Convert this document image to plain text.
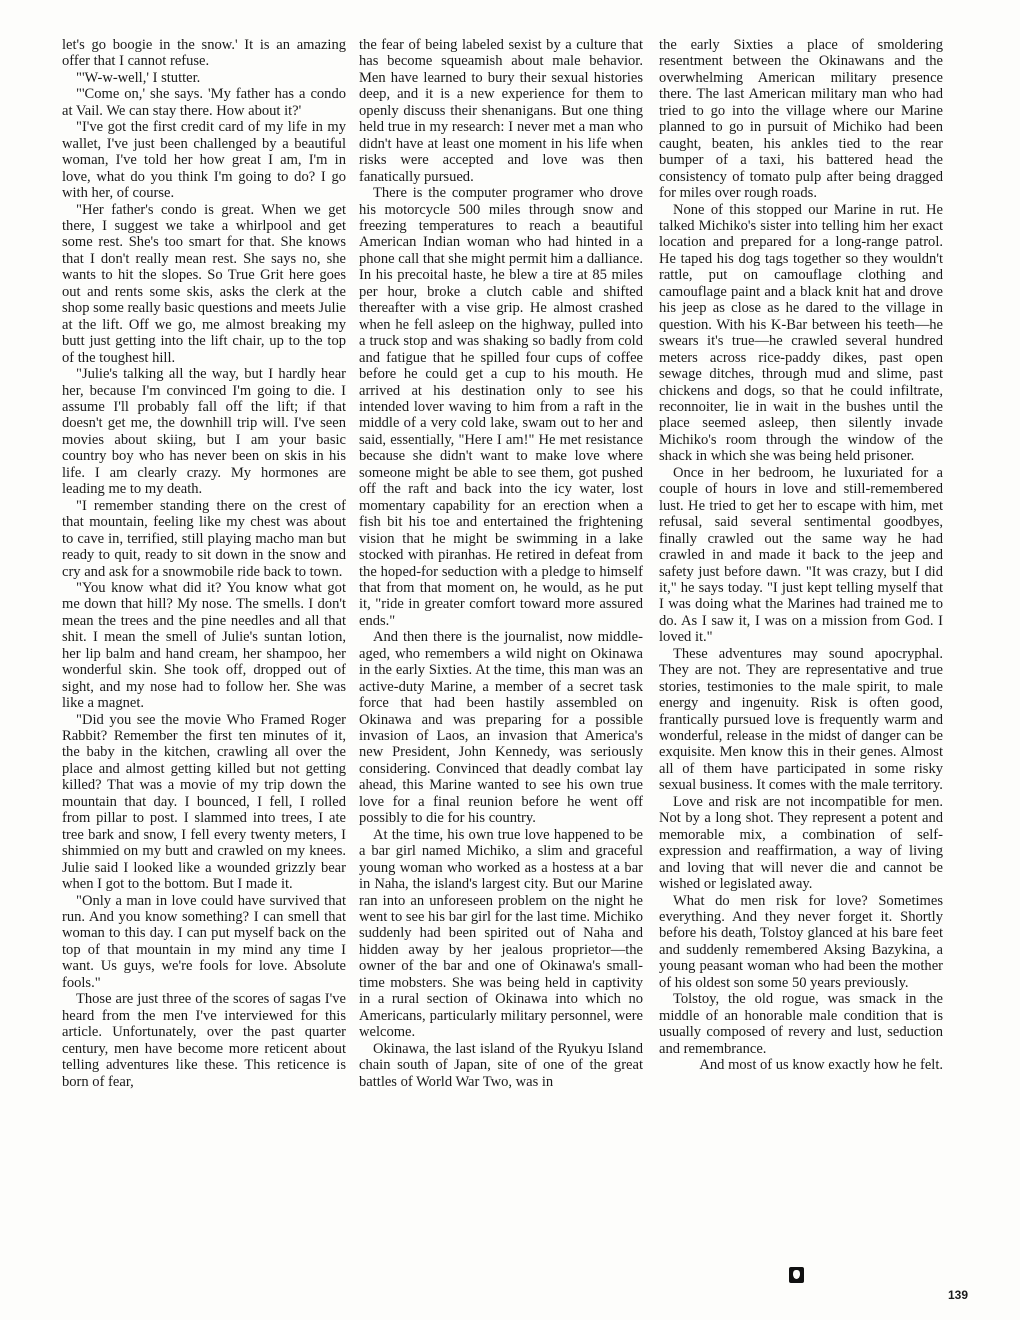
let's go boogie in the snow.' It is an amazing offer that I cannot refuse.

"'W-w-well,' I stutter.

"'Come on,' she says. 'My father has a condo at Vail. We can stay there. How about it?'

"I've got the first credit card of my life in my wallet, I've just been challenged by a beautiful woman, I've told her how great I am, I'm in love, what do you think I'm going to do? I go with her, of course.

"Her father's condo is great. When we get there, I suggest we take a whirlpool and get some rest. She's too smart for that. She knows that I don't really mean rest. She says no, she wants to hit the slopes. So True Grit here goes out and rents some skis, asks the clerk at the shop some really basic questions and meets Julie at the lift. Off we go, me almost breaking my butt just getting into the lift chair, up to the top of the toughest hill.

"Julie's talking all the way, but I hardly hear her, because I'm convinced I'm going to die. I assume I'll probably fall off the lift; if that doesn't get me, the downhill trip will. I've seen movies about skiing, but I am your basic country boy who has never been on skis in his life. I am clearly crazy. My hormones are leading me to my death.

"I remember standing there on the crest of that mountain, feeling like my chest was about to cave in, terrified, still playing macho man but ready to quit, ready to sit down in the snow and cry and ask for a snowmobile ride back to town.

"You know what did it? You know what got me down that hill? My nose. The smells. I don't mean the trees and the pine needles and all that shit. I mean the smell of Julie's suntan lotion, her lip balm and hand cream, her shampoo, her wonderful skin. She took off, dropped out of sight, and my nose had to follow her. She was like a magnet.

"Did you see the movie Who Framed Roger Rabbit? Remember the first ten minutes of it, the baby in the kitchen, crawling all over the place and almost getting killed but not getting killed? That was a movie of my trip down the mountain that day. I bounced, I fell, I rolled from pillar to post. I slammed into trees, I ate tree bark and snow, I fell every twenty meters, I shimmied on my butt and crawled on my knees. Julie said I looked like a wounded grizzly bear when I got to the bottom. But I made it.

"Only a man in love could have survived that run. And you know something? I can smell that woman to this day. I can put myself back on the top of that mountain in my mind any time I want. Us guys, we're fools for love. Absolute fools."

Those are just three of the scores of sagas I've heard from the men I've interviewed for this article. Unfortunately, over the past quarter century, men have become more reticent about telling adventures like these. This reticence is born of fear,

the fear of being labeled sexist by a culture that has become squeamish about male behavior. Men have learned to bury their sexual histories deep, and it is a new experience for them to openly discuss their shenanigans. But one thing held true in my research: I never met a man who didn't have at least one moment in his life when risks were accepted and love was then fanatically pursued.

There is the computer programer who drove his motorcycle 500 miles through snow and freezing temperatures to reach a beautiful American Indian woman who had hinted in a phone call that she might permit him a dalliance. In his precoital haste, he blew a tire at 85 miles per hour, broke a clutch cable and shifted thereafter with a vise grip. He almost crashed when he fell asleep on the highway, pulled into a truck stop and was shaking so badly from cold and fatigue that he spilled four cups of coffee before he could get a cup to his mouth. He arrived at his destination only to see his intended lover waving to him from a raft in the middle of a very cold lake, swam out to her and said, essentially, "Here I am!" He met resistance because she didn't want to make love where someone might be able to see them, got pushed off the raft and back into the icy water, lost momentary capability for an erection when a fish bit his toe and entertained the frightening vision that he might be swimming in a lake stocked with piranhas. He retired in defeat from the hoped-for seduction with a pledge to himself that from that moment on, he would, as he put it, "ride in greater comfort toward more assured ends."

And then there is the journalist, now middle-aged, who remembers a wild night on Okinawa in the early Sixties. At the time, this man was an active-duty Marine, a member of a secret task force that had been hastily assembled on Okinawa and was preparing for a possible invasion of Laos, an invasion that America's new President, John Kennedy, was seriously considering. Convinced that deadly combat lay ahead, this Marine wanted to see his own true love for a final reunion before he went off possibly to die for his country.

At the time, his own true love happened to be a bar girl named Michiko, a slim and graceful young woman who worked as a hostess at a bar in Naha, the island's largest city. But our Marine ran into an unforeseen problem on the night he went to see his bar girl for the last time. Michiko suddenly had been spirited out of Naha and hidden away by her jealous proprietor—the owner of the bar and one of Okinawa's small-time mobsters. She was being held in captivity in a rural section of Okinawa into which no Americans, particularly military personnel, were welcome.

Okinawa, the last island of the Ryukyu Island chain south of Japan, site of one of the great battles of World War Two, was in

the early Sixties a place of smoldering resentment between the Okinawans and the overwhelming American military presence there. The last American military man who had tried to go into the village where our Marine planned to go in pursuit of Michiko had been caught, beaten, his ankles tied to the rear bumper of a taxi, his battered head the consistency of tomato pulp after being dragged for miles over rough roads.

None of this stopped our Marine in rut. He talked Michiko's sister into telling him her exact location and prepared for a long-range patrol. He taped his dog tags together so they wouldn't rattle, put on camouflage clothing and camouflage paint and a black knit hat and drove his jeep as close as he dared to the village in question. With his K-Bar between his teeth—he swears it's true—he crawled several hundred meters across rice-paddy dikes, past open sewage ditches, through mud and slime, past chickens and dogs, so that he could infiltrate, reconnoiter, lie in wait in the bushes until the place seemed asleep, then silently invade Michiko's room through the window of the shack in which she was being held prisoner.

Once in her bedroom, he luxuriated for a couple of hours in love and still-remembered lust. He tried to get her to escape with him, met refusal, said several sentimental goodbyes, finally crawled out the same way he had crawled in and made it back to the jeep and safety just before dawn. "It was crazy, but I did it," he says today. "I just kept telling myself that I was doing what the Marines had trained me to do. As I saw it, I was on a mission from God. I loved it."

These adventures may sound apocryphal. They are not. They are representative and true stories, testimonies to the male spirit, to male energy and ingenuity. Risk is often good, frantically pursued love is frequently warm and wonderful, release in the midst of danger can be exquisite. Men know this in their genes. Almost all of them have participated in some risky sexual business. It comes with the male territory.

Love and risk are not incompatible for men. Not by a long shot. They represent a potent and memorable mix, a combination of self-expression and reaffirmation, a way of living and loving that will never die and cannot be wished or legislated away.

What do men risk for love? Sometimes everything. And they never forget it. Shortly before his death, Tolstoy glanced at his bare feet and suddenly remembered Aksing Bazykina, a young peasant woman who had been the mother of his oldest son some 50 years previously.

Tolstoy, the old rogue, was smack in the middle of an honorable male condition that is usually composed of revery and lust, seduction and remembrance.

And most of us know exactly how he felt.

139
